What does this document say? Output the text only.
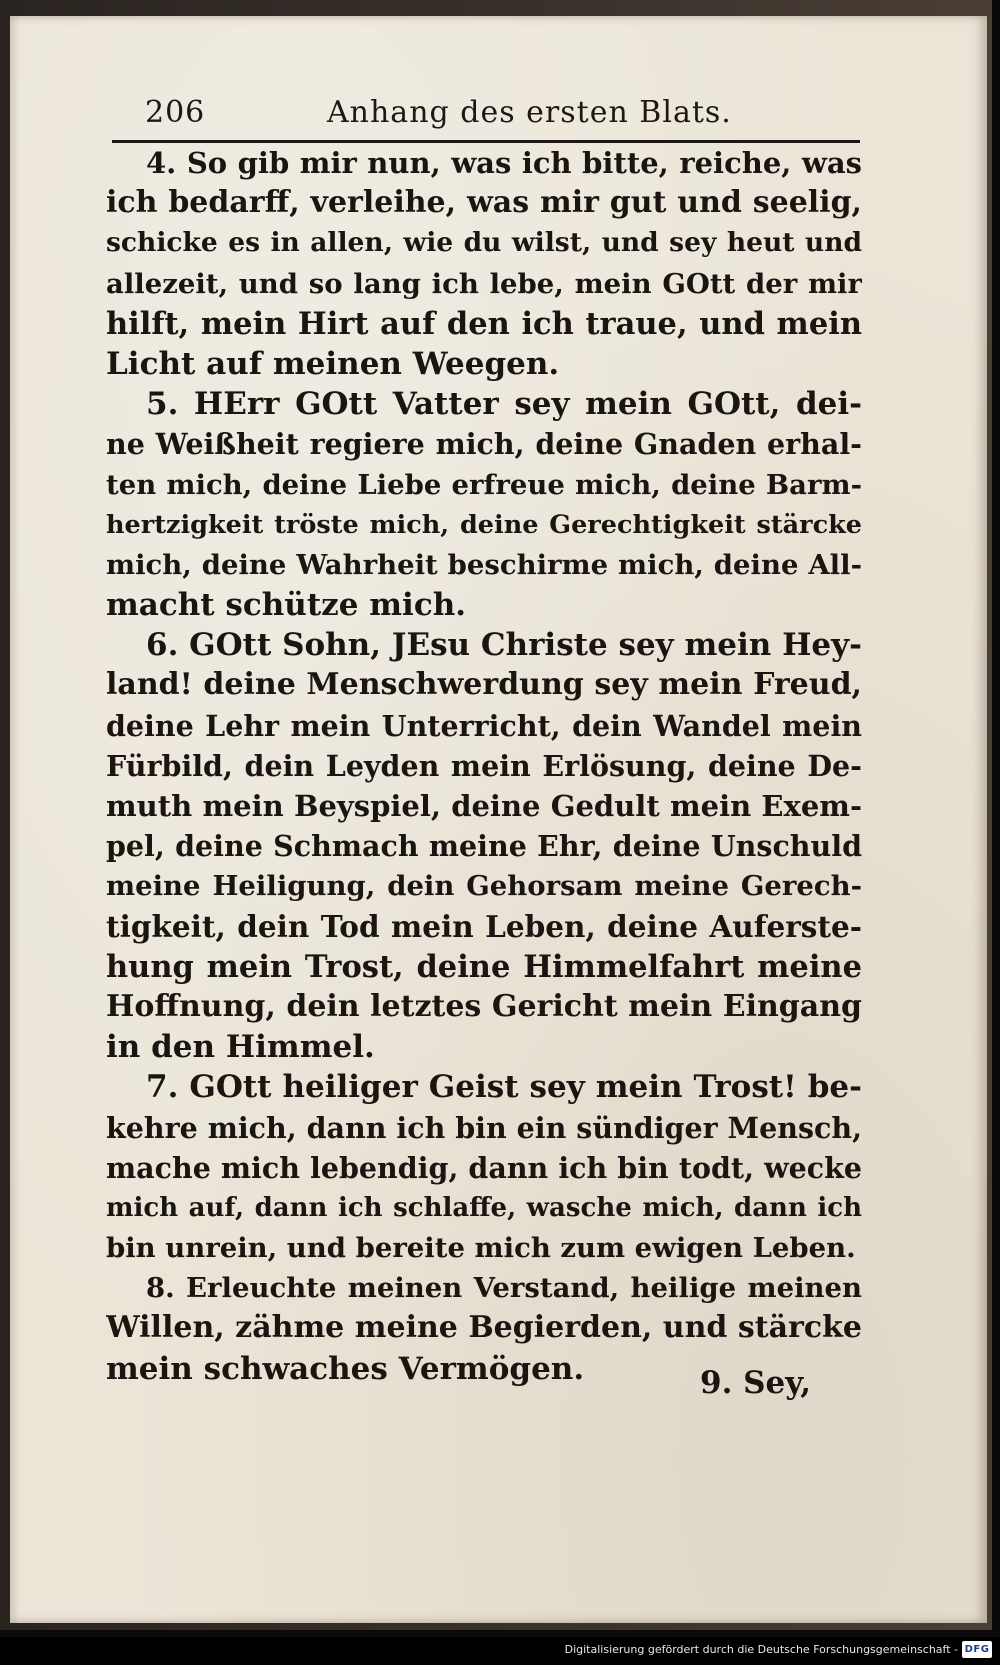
206	Anhang des ersten Blats.
4. So gib mir nun, was ich bitte, reiche, was
ich bedarff, verleihe, was mir gut und seelig,
schicke es in allen, wie du wilst, und sey heut und
allezeit, und so lang ich lebe, mein GOtt der mir
hilft, mein Hirt auf den ich traue, und mein
Licht auf meinen Weegen.
5. HErr GOtt Vatter sey mein GOtt, dei-
ne Weißheit regiere mich, deine Gnaden erhal-
ten mich, deine Liebe erfreue mich, deine Barm-
hertzigkeit tröste mich, deine Gerechtigkeit stärcke
mich, deine Wahrheit beschirme mich, deine All-
macht schütze mich.
6. GOtt Sohn, JEsu Christe sey mein Hey-
land! deine Menschwerdung sey mein Freud,
deine Lehr mein Unterricht, dein Wandel mein
Fürbild, dein Leyden mein Erlösung, deine De-
muth mein Beyspiel, deine Gedult mein Exem-
pel, deine Schmach meine Ehr, deine Unschuld
meine Heiligung, dein Gehorsam meine Gerech-
tigkeit, dein Tod mein Leben, deine Auferste-
hung mein Trost, deine Himmelfahrt meine
Hoffnung, dein letztes Gericht mein Eingang
in den Himmel.
7. GOtt heiliger Geist sey mein Trost! be-
kehre mich, dann ich bin ein sündiger Mensch,
mache mich lebendig, dann ich bin todt, wecke
mich auf, dann ich schlaffe, wasche mich, dann ich
bin unrein, und bereite mich zum ewigen Leben.
8. Erleuchte meinen Verstand, heilige meinen
Willen, zähme meine Begierden, und stärcke
mein schwaches Vermögen.	9. Sey,
Digitalisierung gefördert durch die Deutsche Forschungsgemeinschaft - DFG
